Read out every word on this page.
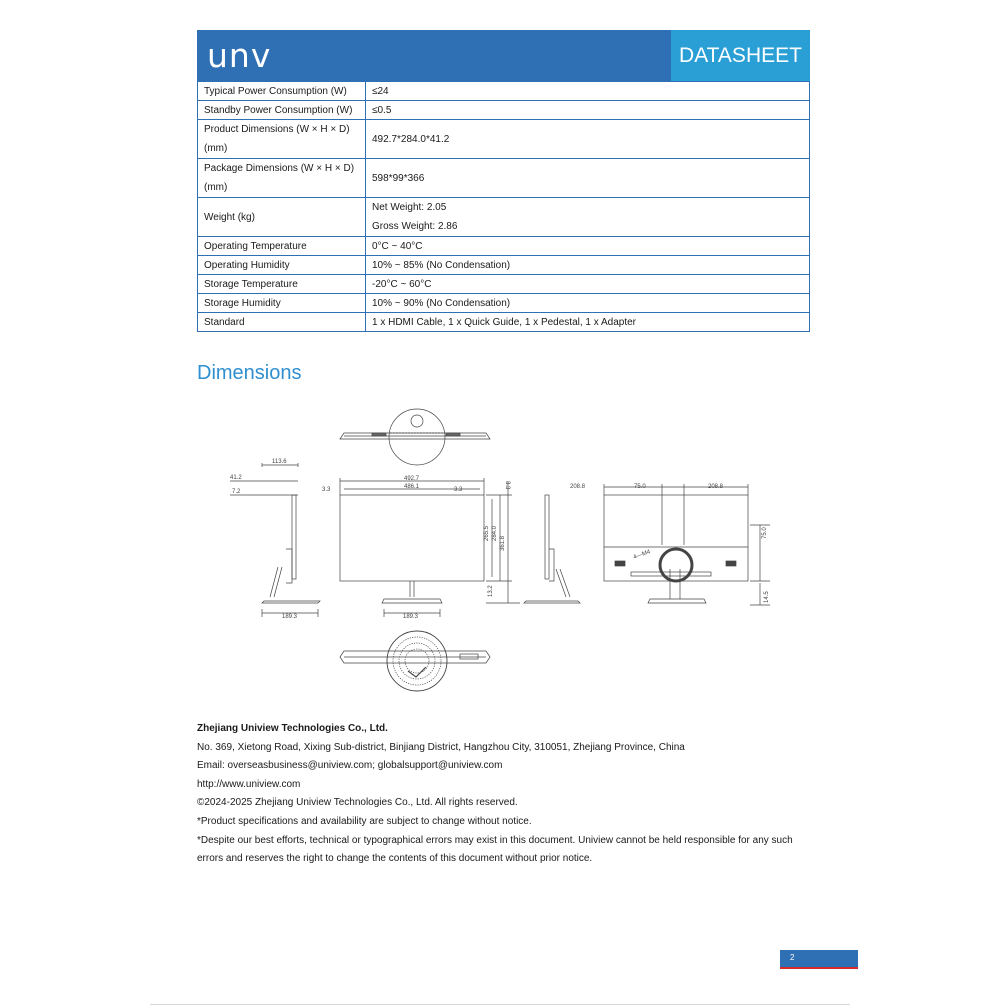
unv	DATASHEET
Typical Power Consumption (W)	≤24
Standby Power Consumption (W)	≤0.5

Product Dimensions (W × H × D)
(mm)	492.7*284.0*41.2

Package Dimensions (W × H × D)
(mm)	598*99*366
Weight (kg)	Net Weight: 2.05
Gross Weight: 2.86

Operating Temperature	0°C ~ 40°C
Operating Humidity	10% ~ 85% (No Condensation)
Storage Temperature	-20°C ~ 60°C
Storage Humidity	10% ~ 90% (No Condensation)
Standard	1 x HDMI Cable, 1 x Quick Guide, 1 x Pedestal, 1 x Adapter
Dimensions
113.6
41.2
7.2
189.3
492.7
486.1
3.3	3.3
189.3
3.3
265.5 284.0
361.8
13.2
208.8	75.0	208.8
75.0
14.5
4—M4
Zhejiang Uniview Technologies Co., Ltd.
No. 369, Xietong Road, Xixing Sub-district, Binjiang District, Hangzhou City, 310051, Zhejiang Province, China
Email: overseasbusiness@uniview.com; globalsupport@uniview.com
http://www.uniview.com
©2024-2025 Zhejiang Uniview Technologies Co., Ltd. All rights reserved.
*Product specifications and availability are subject to change without notice.
*Despite our best efforts, technical or typographical errors may exist in this document. Uniview cannot be held responsible for any such errors and reserves the right to change the contents of this document without prior notice.
2
